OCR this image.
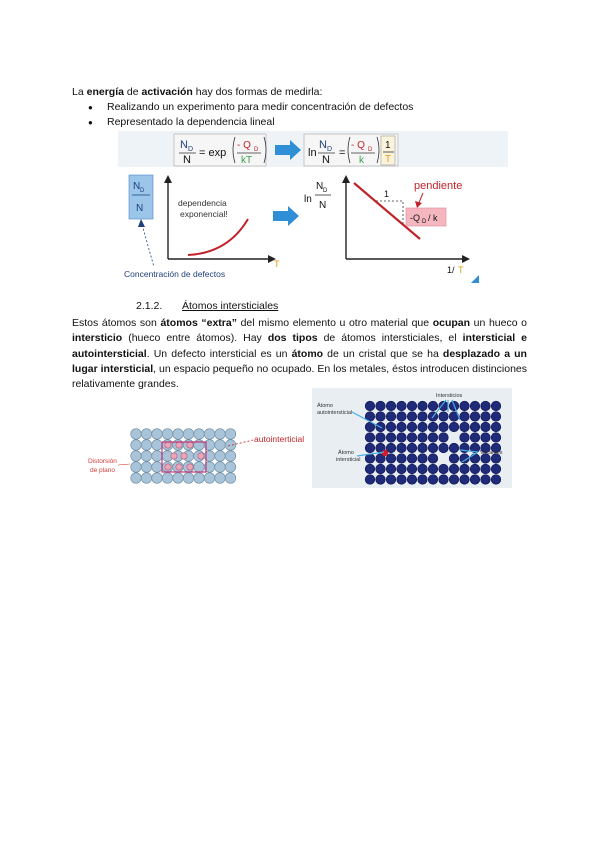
La energía de activación hay dos formas de medirla:
● Realizando un experimento para medir concentración de defectos
● Representado la dependencia lineal
N D
N
= exp
- Q D
kT
ln
N D
N
=
- Q D
k
1
T
N D
N	dependencia
exponencial!
T
Concentración de defectos
ln
N D
N
1
pendiente
-Q D / k
1/ T
2.1.2. Átomos intersticiales
Estos átomos son átomos “extra” del mismo elemento u otro material que ocupan un hueco o intersticio (hueco entre átomos). Hay dos tipos de átomos intersticiales, el intersticial e autointersticial. Un defecto intersticial es un átomo de un cristal que se ha desplazado a un lugar intersticial, un espacio pequeño no ocupado. En los metales, éstos introducen distinciones relativamente grandes.
autointerticial
Distorsión
de plano
Átomo
autointersticial
Átomo
intersticial
Intersticios
Vacantes
